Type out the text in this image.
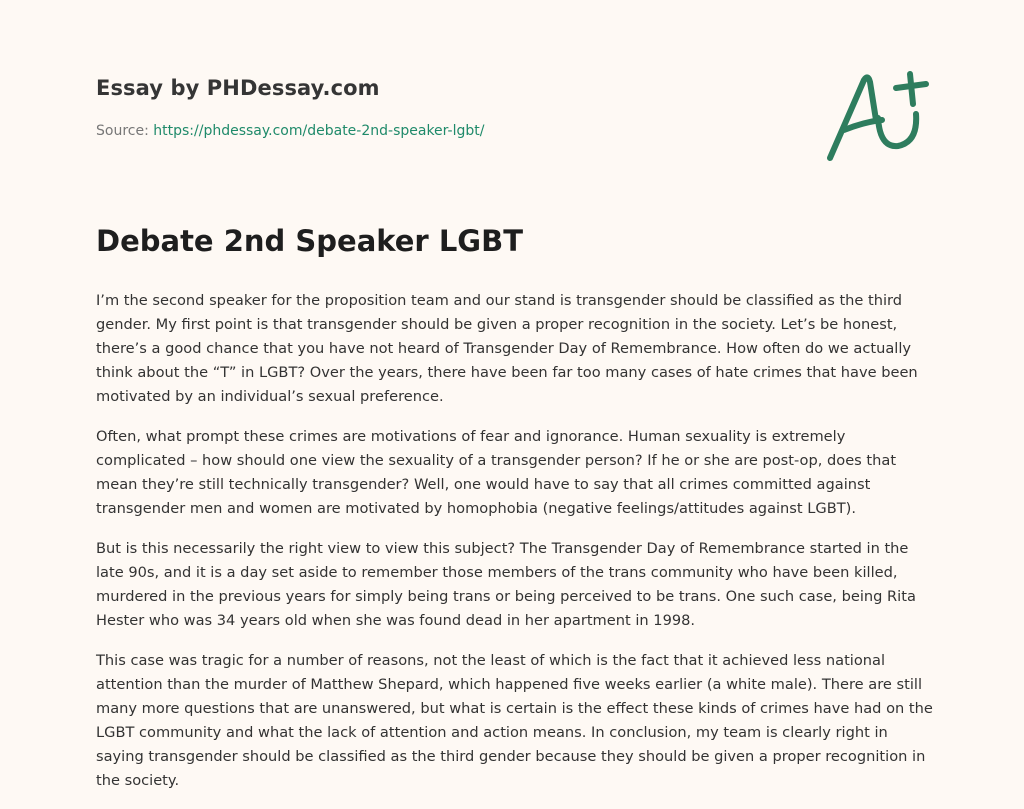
Essay by PHDessay.com
Source: https://phdessay.com/debate-2nd-speaker-lgbt/
Debate 2nd Speaker LGBT

I’m the second speaker for the proposition team and our stand is transgender should be classified as the third gender. My first point is that transgender should be given a proper recognition in the society. Let’s be honest, there’s a good chance that you have not heard of Transgender Day of Remembrance. How often do we actually think about the “T” in LGBT? Over the years, there have been far too many cases of hate crimes that have been motivated by an individual’s sexual preference.

Often, what prompt these crimes are motivations of fear and ignorance. Human sexuality is extremely complicated – how should one view the sexuality of a transgender person? If he or she are post-op, does that mean they’re still technically transgender? Well, one would have to say that all crimes committed against transgender men and women are motivated by homophobia (negative feelings/attitudes against LGBT).

But is this necessarily the right view to view this subject? The Transgender Day of Remembrance started in the late 90s, and it is a day set aside to remember those members of the trans community who have been killed, murdered in the previous years for simply being trans or being perceived to be trans. One such case, being Rita Hester who was 34 years old when she was found dead in her apartment in 1998.

This case was tragic for a number of reasons, not the least of which is the fact that it achieved less national attention than the murder of Matthew Shepard, which happened five weeks earlier (a white male). There are still many more questions that are unanswered, but what is certain is the effect these kinds of crimes have had on the LGBT community and what the lack of attention and action means. In conclusion, my team is clearly right in saying transgender should be classified as the third gender because they should be given a proper recognition in the society.
